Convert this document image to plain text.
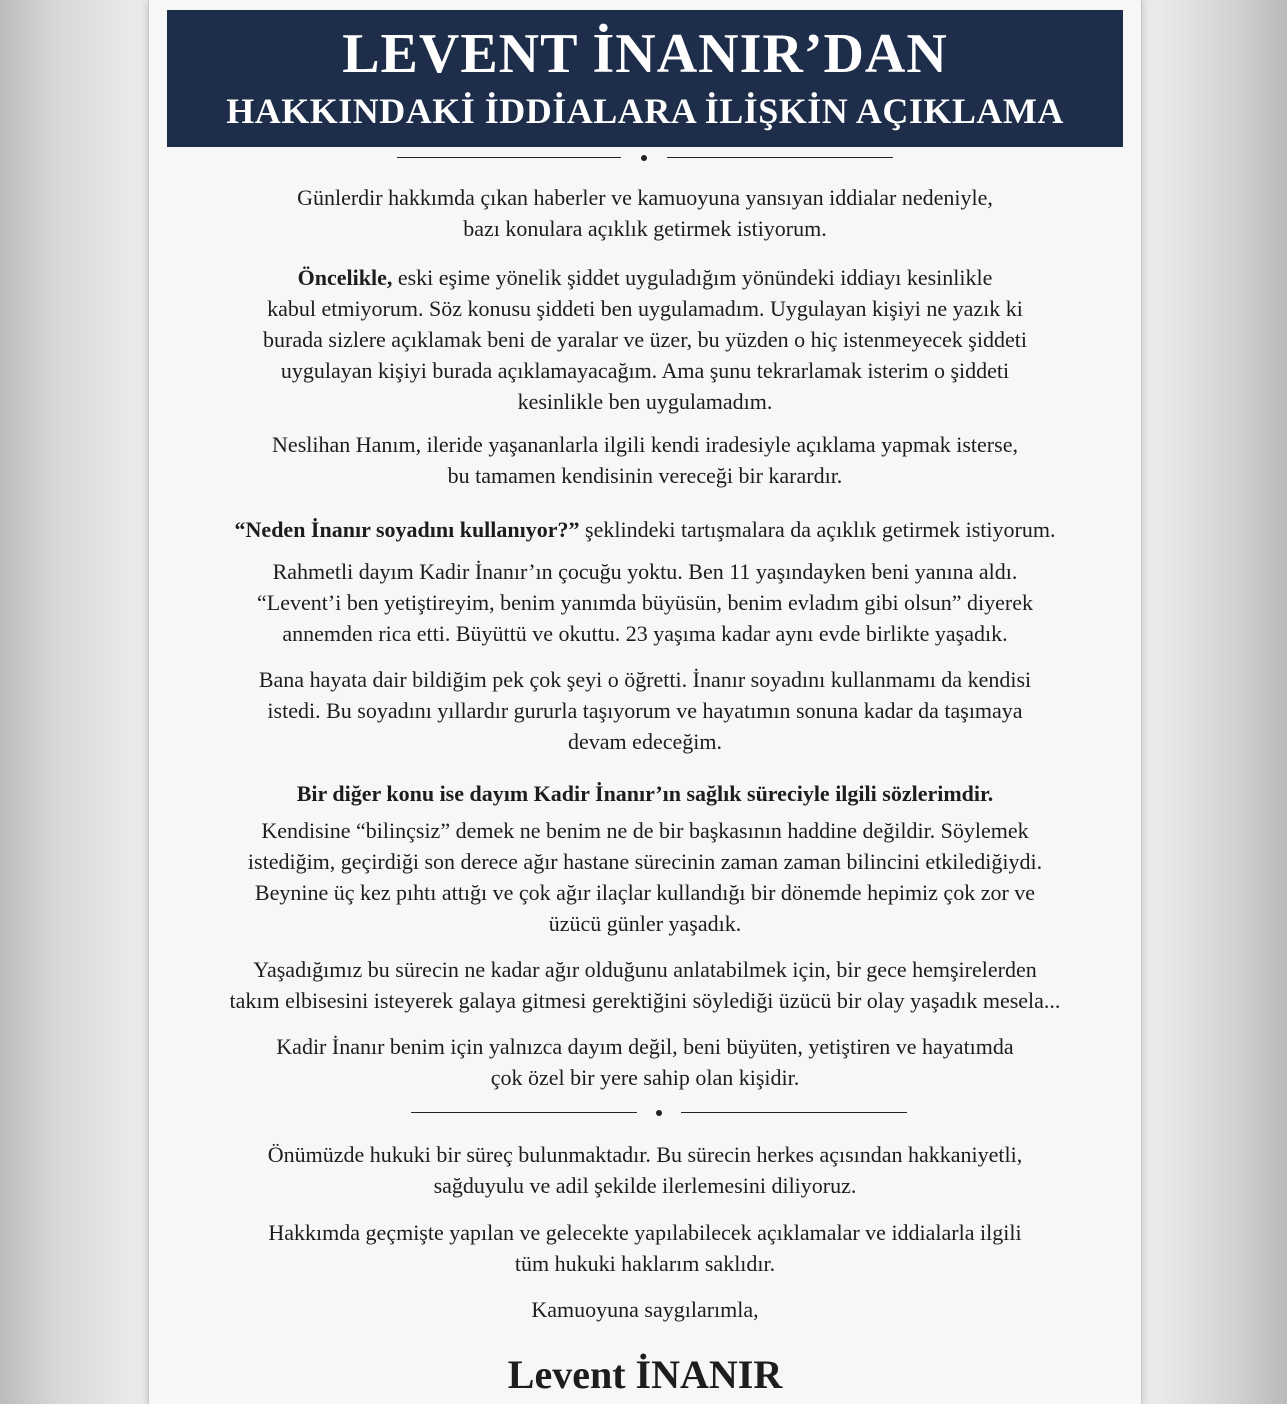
LEVENT İNANIR’DAN
HAKKINDAKİ İDDİALARA İLİŞKİN AÇIKLAMA
Günlerdir hakkımda çıkan haberler ve kamuoyuna yansıyan iddialar nedeniyle,
bazı konulara açıklık getirmek istiyorum.
Öncelikle, eski eşime yönelik şiddet uyguladığım yönündeki iddiayı kesinlikle
kabul etmiyorum. Söz konusu şiddeti ben uygulamadım. Uygulayan kişiyi ne yazık ki
burada sizlere açıklamak beni de yaralar ve üzer, bu yüzden o hiç istenmeyecek şiddeti
uygulayan kişiyi burada açıklamayacağım. Ama şunu tekrarlamak isterim o şiddeti
kesinlikle ben uygulamadım.
Neslihan Hanım, ileride yaşananlarla ilgili kendi iradesiyle açıklama yapmak isterse,
bu tamamen kendisinin vereceği bir karardır.
“Neden İnanır soyadını kullanıyor?” şeklindeki tartışmalara da açıklık getirmek istiyorum.
Rahmetli dayım Kadir İnanır’ın çocuğu yoktu. Ben 11 yaşındayken beni yanına aldı.
“Levent’i ben yetiştireyim, benim yanımda büyüsün, benim evladım gibi olsun” diyerek
annemden rica etti. Büyüttü ve okuttu. 23 yaşıma kadar aynı evde birlikte yaşadık.
Bana hayata dair bildiğim pek çok şeyi o öğretti. İnanır soyadını kullanmamı da kendisi
istedi. Bu soyadını yıllardır gururla taşıyorum ve hayatımın sonuna kadar da taşımaya
devam edeceğim.
Bir diğer konu ise dayım Kadir İnanır’ın sağlık süreciyle ilgili sözlerimdir.
Kendisine “bilinçsiz” demek ne benim ne de bir başkasının haddine değildir. Söylemek
istediğim, geçirdiği son derece ağır hastane sürecinin zaman zaman bilincini etkilediğiydi.
Beynine üç kez pıhtı attığı ve çok ağır ilaçlar kullandığı bir dönemde hepimiz çok zor ve
üzücü günler yaşadık.
Yaşadığımız bu sürecin ne kadar ağır olduğunu anlatabilmek için, bir gece hemşirelerden
takım elbisesini isteyerek galaya gitmesi gerektiğini söylediği üzücü bir olay yaşadık mesela...
Kadir İnanır benim için yalnızca dayım değil, beni büyüten, yetiştiren ve hayatımda
çok özel bir yere sahip olan kişidir.
Önümüzde hukuki bir süreç bulunmaktadır. Bu sürecin herkes açısından hakkaniyetli,
sağduyulu ve adil şekilde ilerlemesini diliyoruz.
Hakkımda geçmişte yapılan ve gelecekte yapılabilecek açıklamalar ve iddialarla ilgili
tüm hukuki haklarım saklıdır.
Kamuoyuna saygılarımla,
Levent İNANIR
